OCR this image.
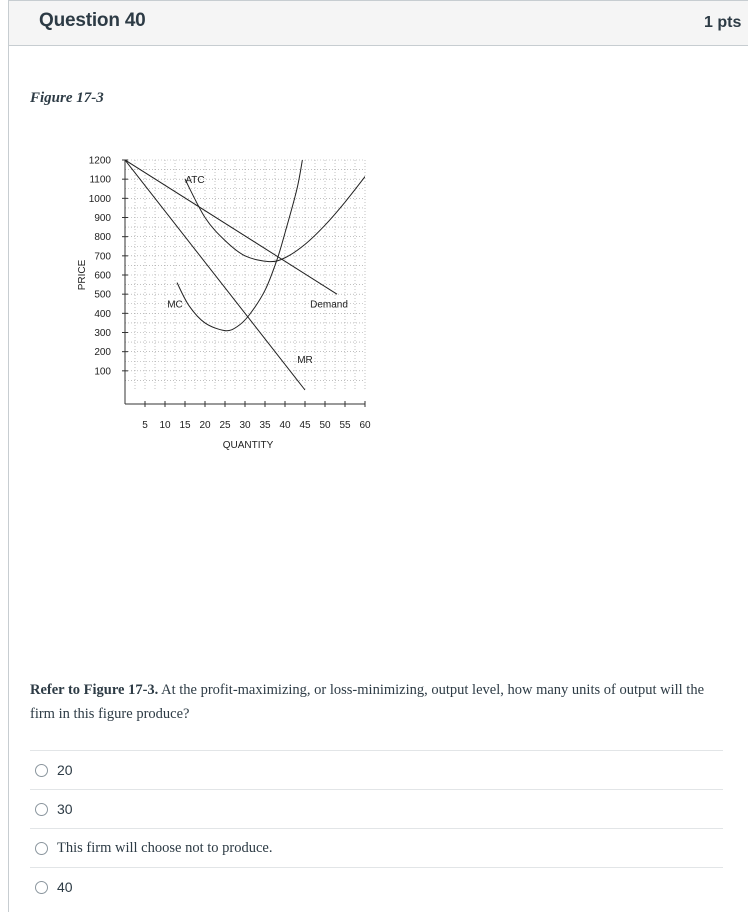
Question 40	1 pts
Figure 17-3
100
200
300
400
500
600
700
800
900
1000
1100
1200
5 10 15 20 25 30 35 40 45 50 55 60
QUANTITY
PRICE
Demand
MR
ATC
MC
Refer to Figure 17-3. At the profit-maximizing, or loss-minimizing, output level, how many units of output will the firm in this figure produce?
20
30
This firm will choose not to produce.
40
